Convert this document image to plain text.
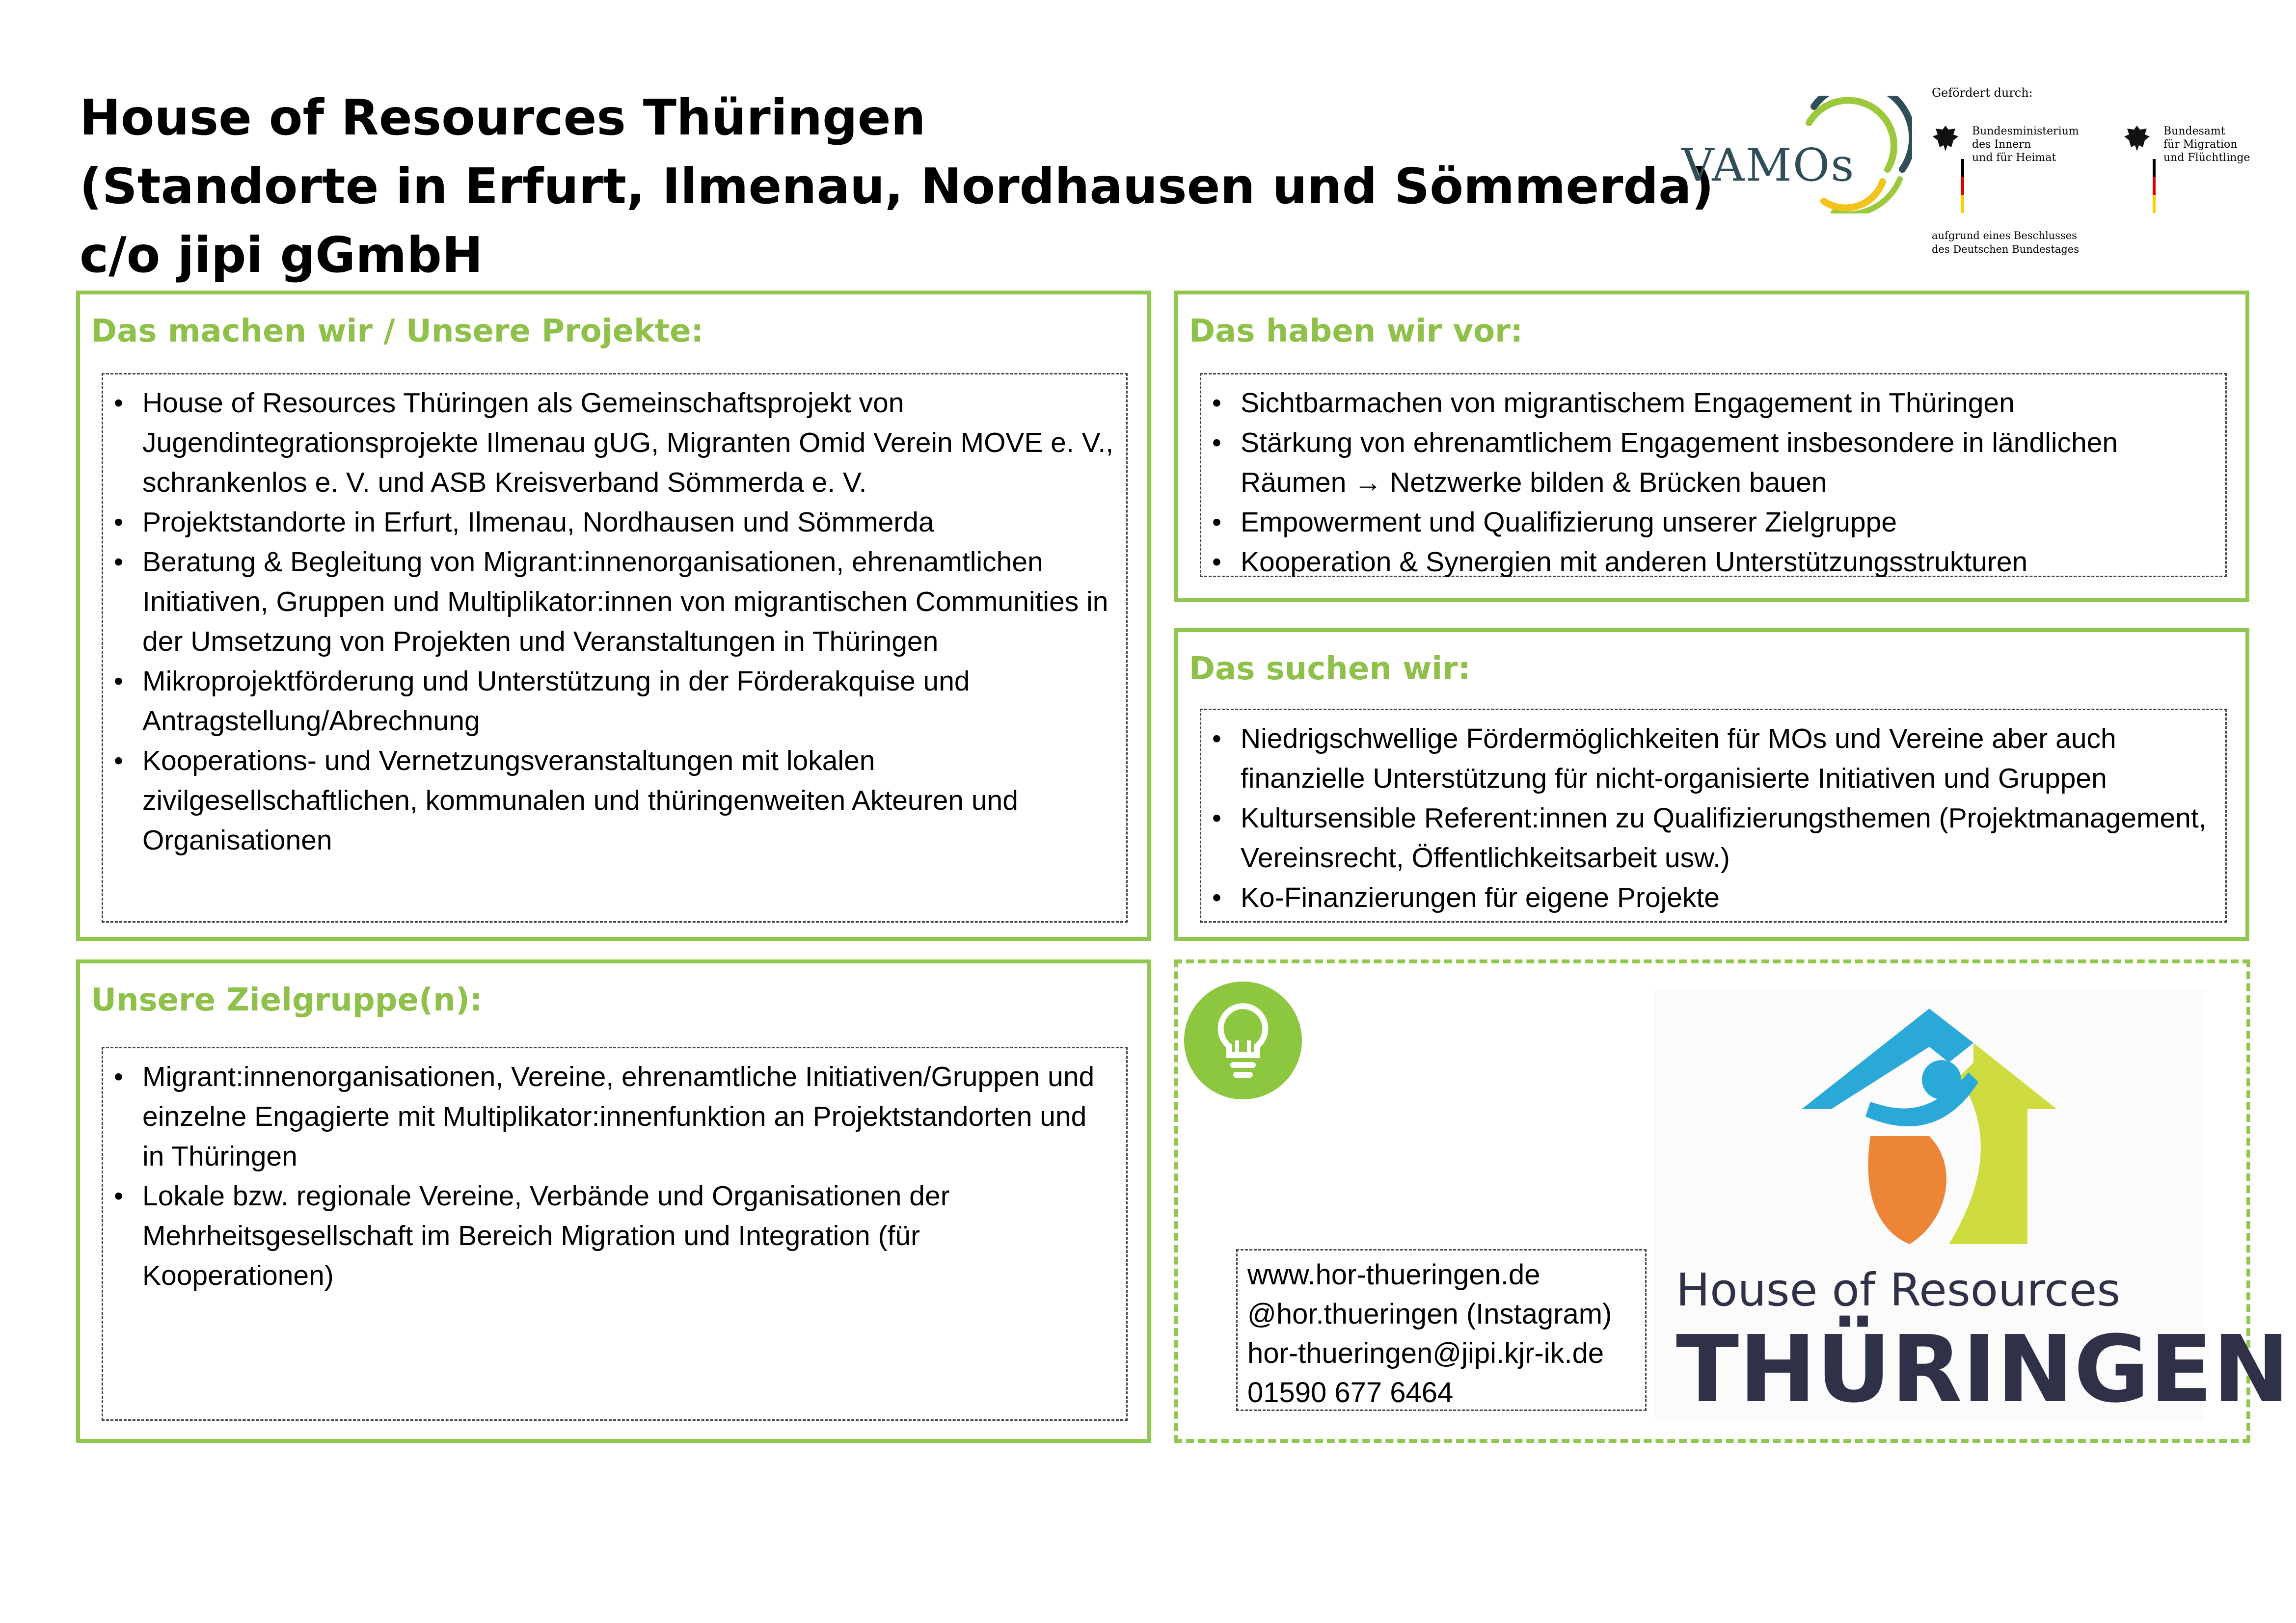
House of Resources Thüringen
(Standorte in Erfurt, Ilmenau, Nordhausen und Sömmerda)
c/o jipi gGmbH
VAMOs
Gefördert durch:
Bundesministerium
des Innern
und für Heimat
Bundesamt
für Migration
und Flüchtlinge
aufgrund eines Beschlusses
des Deutschen Bundestages
Das machen wir / Unsere Projekte:
• House of Resources Thüringen als Gemeinschaftsprojekt von Jugendintegrationsprojekte Ilmenau gUG, Migranten Omid Verein MOVE e. V., schrankenlos e. V. und ASB Kreisverband Sömmerda e. V.
• Projektstandorte in Erfurt, Ilmenau, Nordhausen und Sömmerda
• Beratung & Begleitung von Migrant:innenorganisationen, ehrenamtlichen Initiativen, Gruppen und Multiplikator:innen von migrantischen Communities in der Umsetzung von Projekten und Veranstaltungen in Thüringen
• Mikroprojektförderung und Unterstützung in der Förderakquise und Antragstellung/Abrechnung
• Kooperations- und Vernetzungsveranstaltungen mit lokalen zivilgesellschaftlichen, kommunalen und thüringenweiten Akteuren und Organisationen
Das haben wir vor:
• Sichtbarmachen von migrantischem Engagement in Thüringen
• Stärkung von ehrenamtlichem Engagement insbesondere in ländlichen Räumen → Netzwerke bilden & Brücken bauen
• Empowerment und Qualifizierung unserer Zielgruppe
• Kooperation & Synergien mit anderen Unterstützungsstrukturen
Das suchen wir:
• Niedrigschwellige Fördermöglichkeiten für MOs und Vereine aber auch finanzielle Unterstützung für nicht-organisierte Initiativen und Gruppen
• Kultursensible Referent:innen zu Qualifizierungsthemen (Projektmanagement, Vereinsrecht, Öffentlichkeitsarbeit usw.)
• Ko-Finanzierungen für eigene Projekte
Unsere Zielgruppe(n):
• Migrant:innenorganisationen, Vereine, ehrenamtliche Initiativen/Gruppen und einzelne Engagierte mit Multiplikator:innenfunktion an Projektstandorten und in Thüringen
• Lokale bzw. regionale Vereine, Verbände und Organisationen der Mehrheitsgesellschaft im Bereich Migration und Integration (für Kooperationen)	www.hor-thueringen.de
@hor.thueringen (Instagram)
hor-thueringen@jipi.kjr-ik.de
01590 677 6464
House of Resources
THÜRINGEN
